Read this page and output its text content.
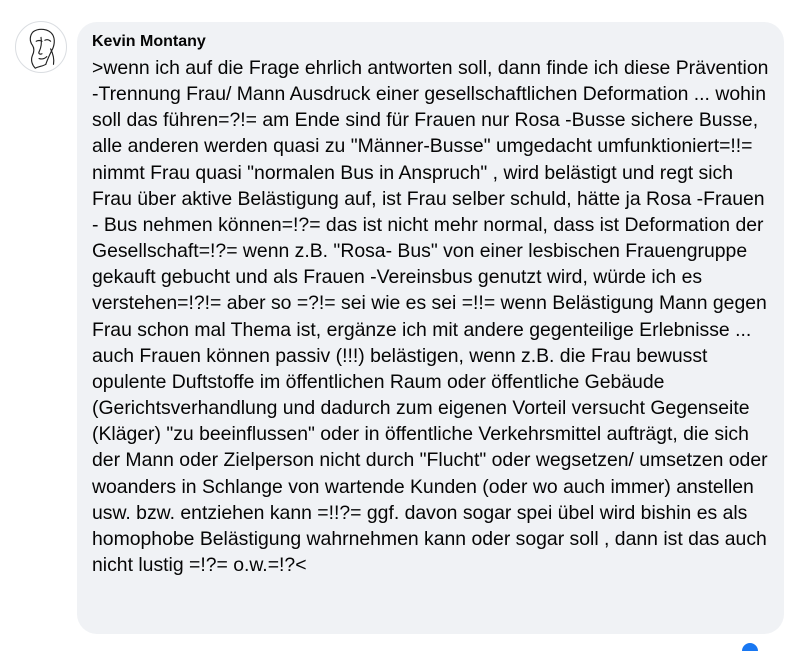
Kevin Montany

>wenn ich auf die Frage ehrlich antworten soll, dann finde ich diese Prävention -Trennung Frau/ Mann Ausdruck einer gesellschaftlichen Deformation ... wohin soll das führen=?!= am Ende sind für Frauen nur Rosa -Busse sichere Busse, alle anderen werden quasi zu "Männer-Busse" umgedacht umfunktioniert=!!= nimmt Frau quasi "normalen Bus in Anspruch" , wird belästigt und regt sich Frau über aktive Belästigung auf, ist Frau selber schuld, hätte ja Rosa -Frauen - Bus nehmen können=!?= das ist nicht mehr normal, dass ist Deformation der Gesellschaft=!?= wenn z.B. "Rosa- Bus" von einer lesbischen Frauengruppe gekauft gebucht und als Frauen -Vereinsbus genutzt wird, würde ich es verstehen=!?!= aber so =?!= sei wie es sei =!!= wenn Belästigung Mann gegen Frau schon mal Thema ist, ergänze ich mit andere gegenteilige Erlebnisse ... auch Frauen können passiv (!!!) belästigen, wenn z.B. die Frau bewusst opulente Duftstoffe im öffentlichen Raum oder öffentliche Gebäude (Gerichtsverhandlung und dadurch zum eigenen Vorteil versucht Gegenseite (Kläger) "zu beeinflussen" oder in öffentliche Verkehrsmittel aufträgt, die sich der Mann oder Zielperson nicht durch "Flucht" oder wegsetzen/ umsetzen oder woanders in Schlange von wartende Kunden (oder wo auch immer) anstellen usw. bzw. entziehen kann =!!?= ggf. davon sogar spei übel wird bishin es als homophobe Belästigung wahrnehmen kann oder sogar soll , dann ist das auch nicht lustig =!?= o.w.=!?<
